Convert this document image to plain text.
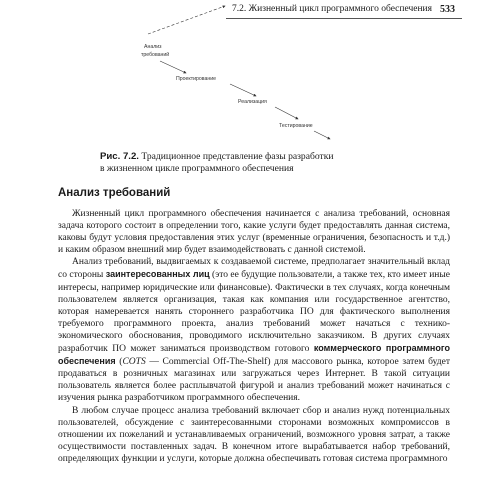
7.2. Жизненный цикл программного обеспечения 533
Анализ
требований
Проектирование
Реализация
Тестирование
Рис. 7.2. Традиционное представление фазы разработки
в жизненном цикле программного обеспечения
Анализ требований

Жизненный цикл программного обеспечения начинается с анализа требований, основная задача которого состоит в определении того, какие услуги будет предоставлять данная система, каковы будут условия предоставления этих услуг (временные ограничения, безопасность и т.д.) и каким образом внешний мир будет взаимодействовать с данной системой.

Анализ требований, выдвигаемых к создаваемой системе, предполагает значительный вклад со стороны заинтересованных лиц (это ее будущие пользователи, а также тех, кто имеет иные интересы, например юридические или финансовые). Фактически в тех случаях, когда конечным пользователем является организация, такая как компания или государственное агентство, которая намеревается нанять стороннего разработчика ПО для фактического выполнения требуемого программного проекта, анализ требований может начаться с технико-экономического обоснования, проводимого исключительно заказчиком. В других случаях разработчик ПО может заниматься производством готового коммерческого программного обеспечения (COTS — Commercial Off-The-Shelf) для массового рынка, которое затем будет продаваться в розничных магазинах или загружаться через Интернет. В такой ситуации пользователь является более расплывчатой фигурой и анализ требований может начинаться с изучения рынка разработчиком программного обеспечения.

В любом случае процесс анализа требований включает сбор и анализ нужд потенциальных пользователей, обсуждение с заинтересованными сторонами возможных компромиссов в отношении их пожеланий и устанавливаемых ограничений, возможного уровня затрат, а также осуществимости поставленных задач. В конечном итоге вырабатывается набор требований, определяющих функции и услуги, которые должна обеспечивать готовая система программного
